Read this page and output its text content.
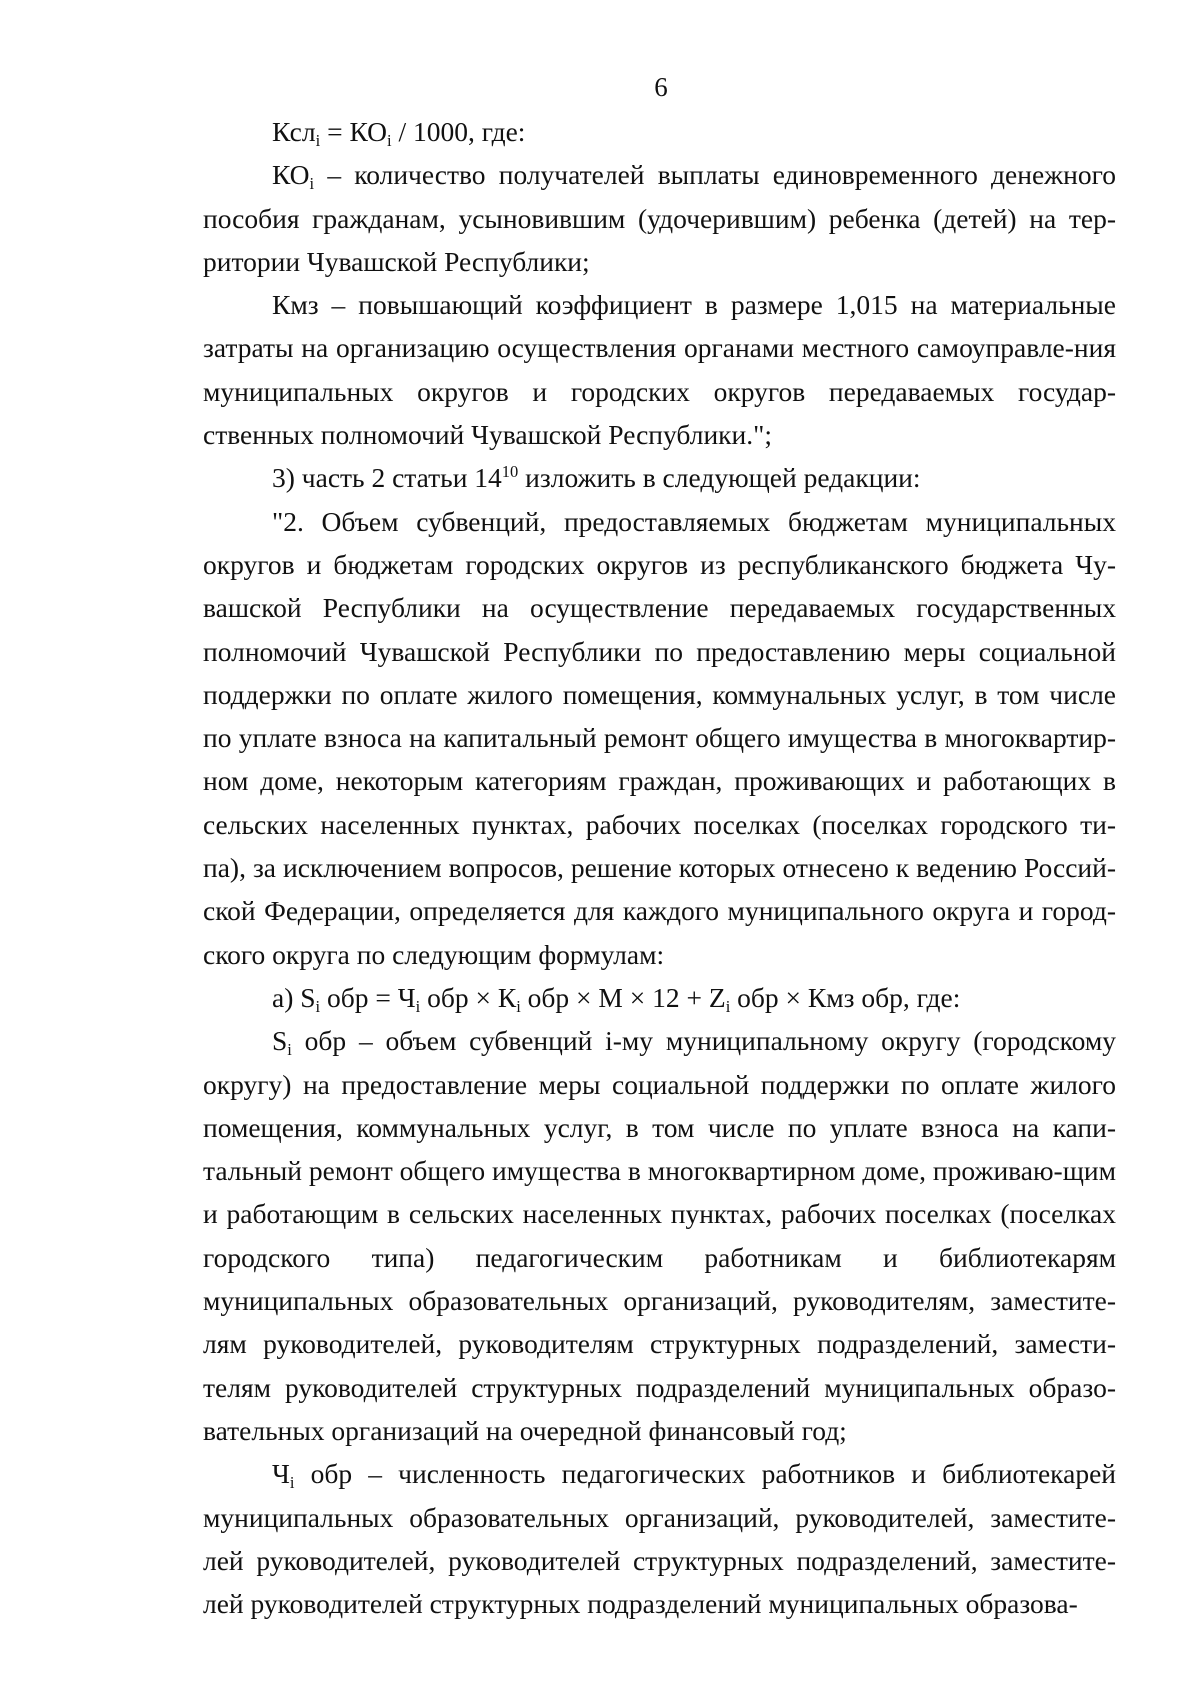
6

$Ксл_i = КО_i / 1000$, где:

$КО_i$ – количество получателей выплаты единовременного денежного пособия гражданам, усыновившим (удочерившим) ребенка (детей) на тер-ритории Чувашской Республики;

Кмз – повышающий коэффициент в размере 1,015 на материальные затраты на организацию осуществления органами местного самоуправле-ния муниципальных округов и городских округов передаваемых государ-ственных полномочий Чувашской Республики.";

3) часть 2 статьи $14^{10}$ изложить в следующей редакции:

"2. Объем субвенций, предоставляемых бюджетам муниципальных округов и бюджетам городских округов из республиканского бюджета Чу-вашской Республики на осуществление передаваемых государственных полномочий Чувашской Республики по предоставлению меры социальной поддержки по оплате жилого помещения, коммунальных услуг, в том числе по уплате взноса на капитальный ремонт общего имущества в многоквартир-ном доме, некоторым категориям граждан, проживающих и работающих в сельских населенных пунктах, рабочих поселках (поселках городского ти-па), за исключением вопросов, решение которых отнесено к ведению Россий-ской Федерации, определяется для каждого муниципального округа и город-ского округа по следующим формулам:

а) $S_i$ обр = $Ч_i$ обр × $К_i$ обр × $M \times 12 + Z_i$ обр × Кмз обр, где:

$S_i$ обр – объем субвенций i-му муниципальному округу (городскому округу) на предоставление меры социальной поддержки по оплате жилого помещения, коммунальных услуг, в том числе по уплате взноса на капи-тальный ремонт общего имущества в многоквартирном доме, проживаю-щим и работающим в сельских населенных пунктах, рабочих поселках (поселках городского типа) педагогическим работникам и библиотекарям муниципальных образовательных организаций, руководителям, заместите-лям руководителей, руководителям структурных подразделений, замести-телям руководителей структурных подразделений муниципальных образо-вательных организаций на очередной финансовый год;

$Ч_i$ обр – численность педагогических работников и библиотекарей муниципальных образовательных организаций, руководителей, заместите-лей руководителей, руководителей структурных подразделений, заместите-лей руководителей структурных подразделений муниципальных образова-
